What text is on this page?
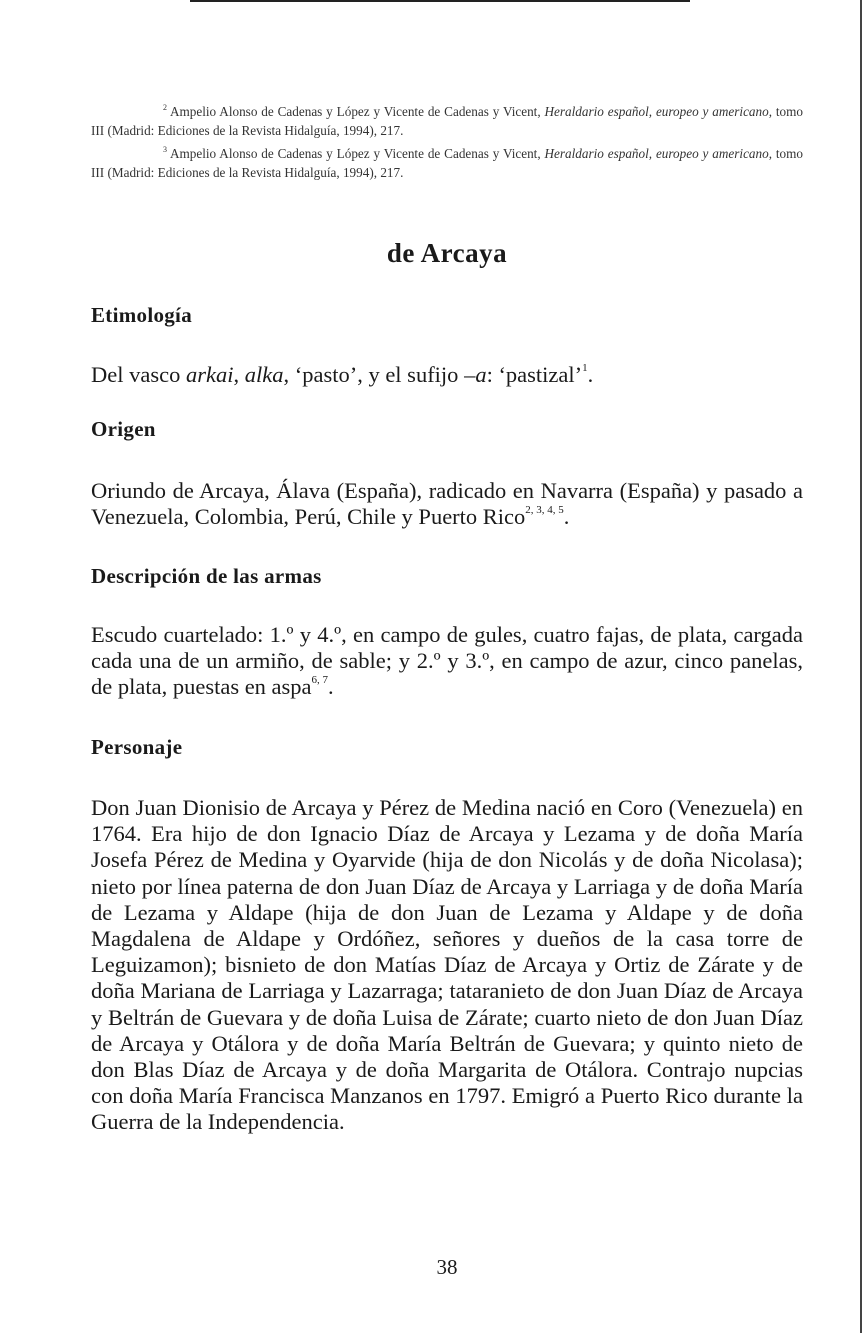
$^2$ Ampelio Alonso de Cadenas y López y Vicente de Cadenas y Vicent, Heraldario español, europeo y americano, tomo III (Madrid: Ediciones de la Revista Hidalguía, 1994), 217.
$^3$ Ampelio Alonso de Cadenas y López y Vicente de Cadenas y Vicent, Heraldario español, europeo y americano, tomo III (Madrid: Ediciones de la Revista Hidalguía, 1994), 217.
de Arcaya
Etimología
Del vasco arkai, alka, ‘pasto’, y el sufijo –a: ‘pastizal’$^1$.
Origen
Oriundo de Arcaya, Álava (España), radicado en Navarra (España) y pasado a Venezuela, Colombia, Perú, Chile y Puerto Rico$^{2, 3, 4, 5}$.
Descripción de las armas
Escudo cuartelado: 1.º y 4.º, en campo de gules, cuatro fajas, de plata, cargada cada una de un armiño, de sable; y 2.º y 3.º, en campo de azur, cinco panelas, de plata, puestas en aspa$^{6, 7}$.
Personaje
Don Juan Dionisio de Arcaya y Pérez de Medina nació en Coro (Venezuela) en 1764. Era hijo de don Ignacio Díaz de Arcaya y Lezama y de doña María Josefa Pérez de Medina y Oyarvide (hija de don Nicolás y de doña Nicolasa); nieto por línea paterna de don Juan Díaz de Arcaya y Larriaga y de doña María de Lezama y Aldape (hija de don Juan de Lezama y Aldape y de doña Magdalena de Aldape y Ordóñez, señores y dueños de la casa torre de Leguizamon); bisnieto de don Matías Díaz de Arcaya y Ortiz de Zárate y de doña Mariana de Larriaga y Lazarraga; tataranieto de don Juan Díaz de Arcaya y Beltrán de Guevara y de doña Luisa de Zárate; cuarto nieto de don Juan Díaz de Arcaya y Otálora y de doña María Beltrán de Guevara; y quinto nieto de don Blas Díaz de Arcaya y de doña Margarita de Otálora. Contrajo nupcias con doña María Francisca Manzanos en 1797. Emigró a Puerto Rico durante la Guerra de la Independencia.
38
